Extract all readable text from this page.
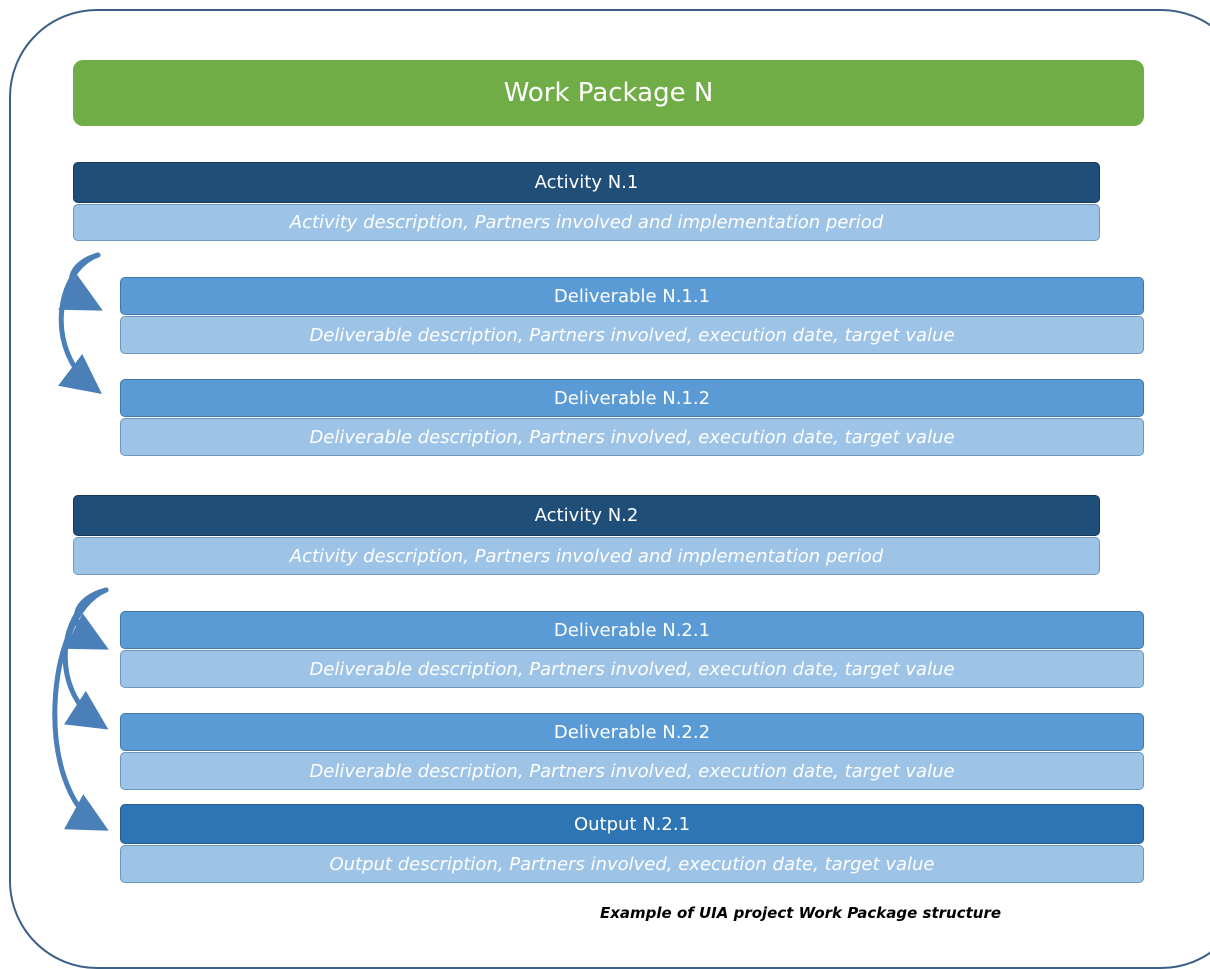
Work Package N
Activity N.1
Activity description, Partners involved and implementation period
Deliverable N.1.1
Deliverable description, Partners involved, execution date, target value
Deliverable N.1.2
Deliverable description, Partners involved, execution date, target value
Activity N.2
Activity description, Partners involved and implementation period
Deliverable N.2.1
Deliverable description, Partners involved, execution date, target value
Deliverable N.2.2
Deliverable description, Partners involved, execution date, target value
Output N.2.1
Output description, Partners involved, execution date, target value
Example of UIA project Work Package structure
